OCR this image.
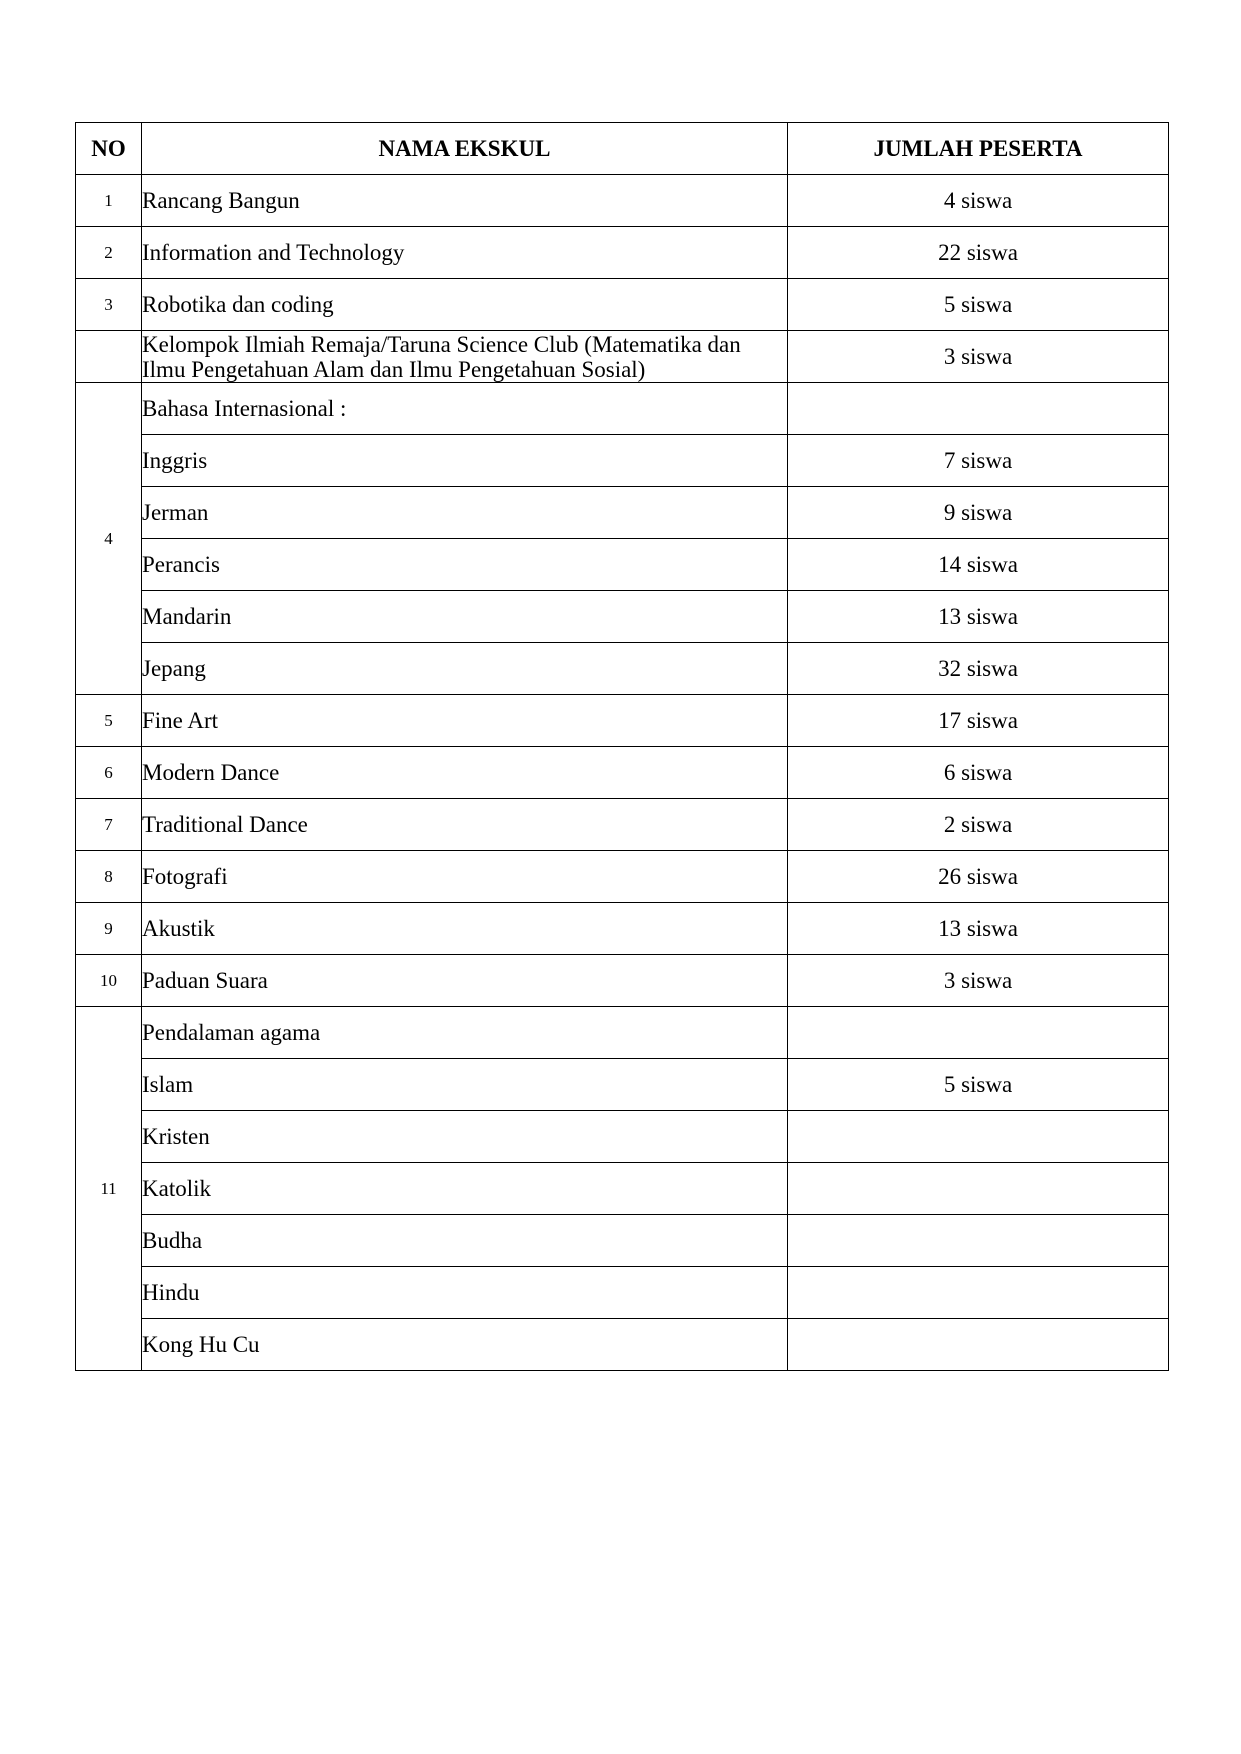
NO	NAMA EKSKUL	JUMLAH PESERTA
1	Rancang Bangun	4 siswa
2	Information and Technology	22 siswa
3	Robotika dan coding	5 siswa
	Kelompok Ilmiah Remaja/Taruna Science Club (Matematika dan Ilmu Pengetahuan Alam dan Ilmu Pengetahuan Sosial)	3 siswa
4	Bahasa Internasional :	
	Inggris	7 siswa
	Jerman	9 siswa
	Perancis	14 siswa
	Mandarin	13 siswa
	Jepang	32 siswa
5	Fine Art	17 siswa
6	Modern Dance	6 siswa
7	Traditional Dance	2 siswa
8	Fotografi	26 siswa
9	Akustik	13 siswa
10	Paduan Suara	3 siswa
11	Pendalaman agama	
	Islam	5 siswa
	Kristen	
	Katolik	
	Budha	
	Hindu	
	Kong Hu Cu	
